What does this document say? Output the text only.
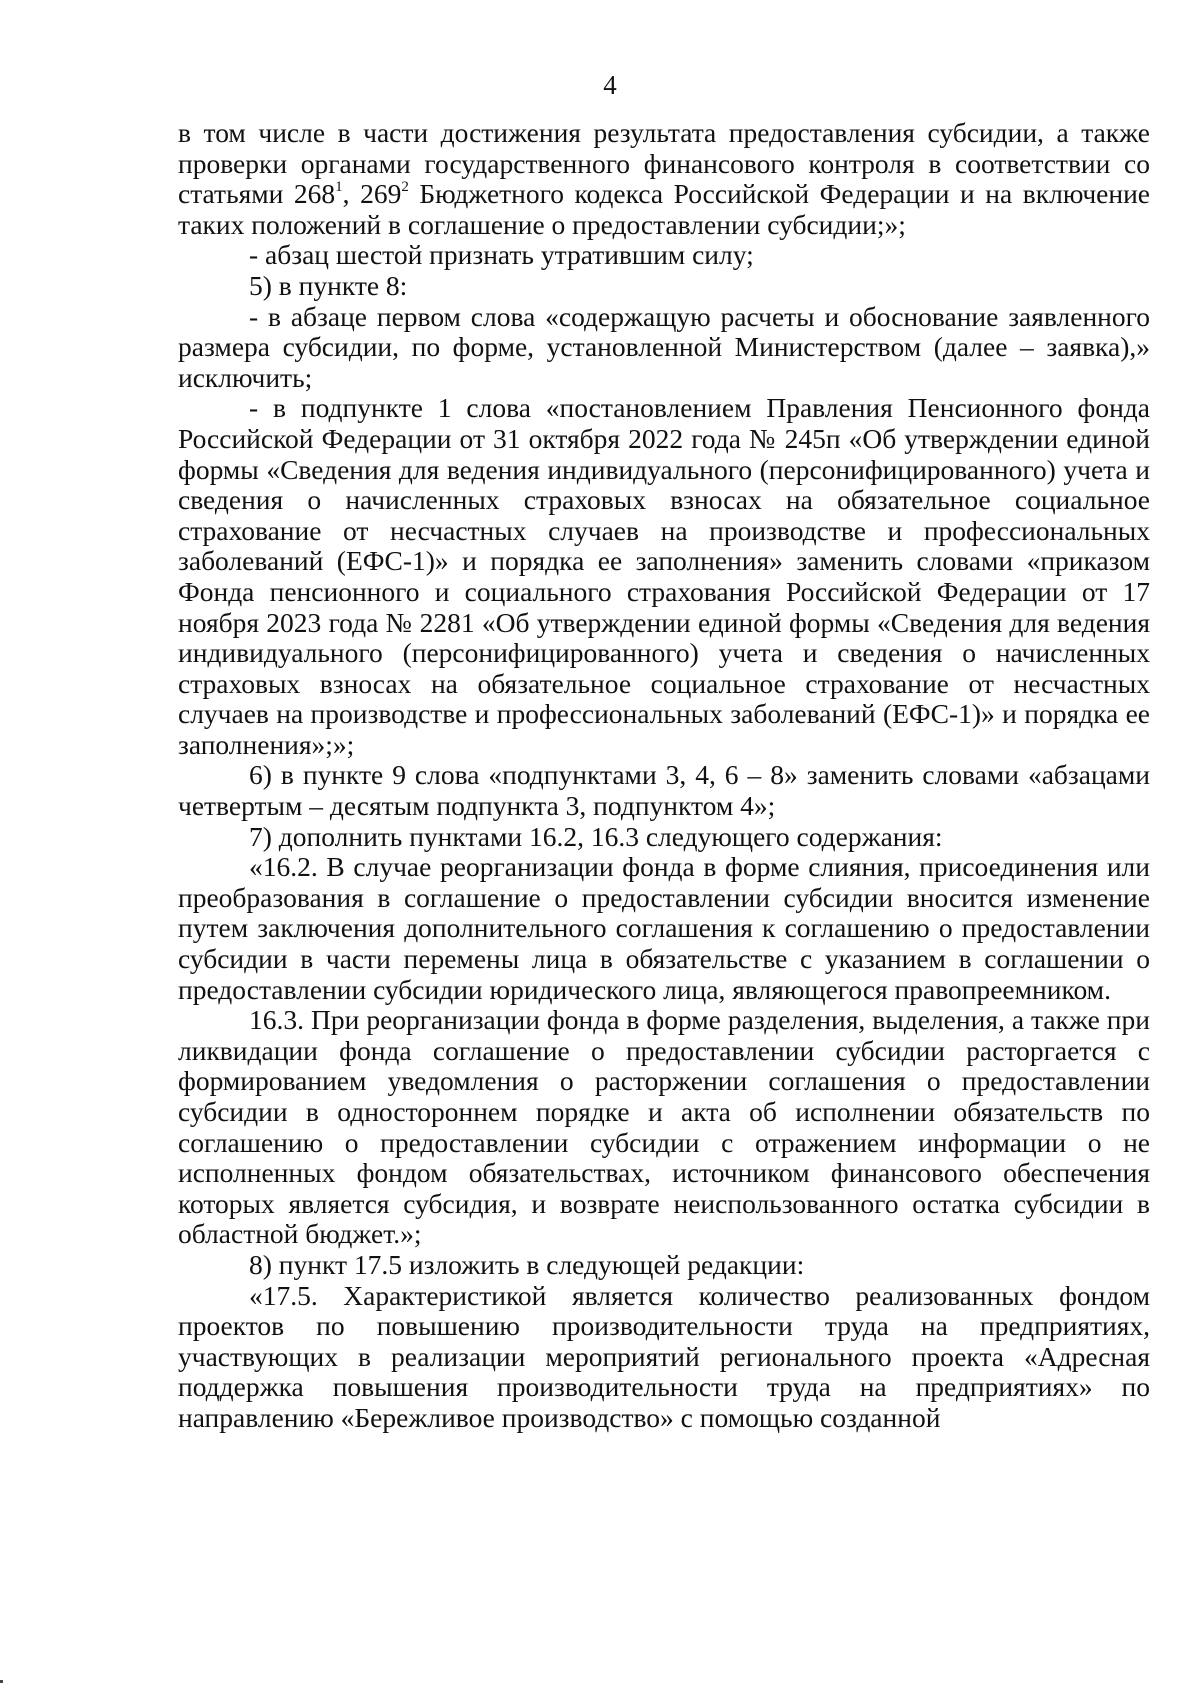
4

в том числе в части достижения результата предоставления субсидии, а также проверки органами государственного финансового контроля в соответствии со статьями $268^1$, $269^2$ Бюджетного кодекса Российской Федерации и на включение таких положений в соглашение о предоставлении субсидии;»;

- абзац шестой признать утратившим силу;

5) в пункте 8:

- в абзаце первом слова «содержащую расчеты и обоснование заявленного размера субсидии, по форме, установленной Министерством (далее – заявка),» исключить;

- в подпункте 1 слова «постановлением Правления Пенсионного фонда Российской Федерации от 31 октября 2022 года № 245п «Об утверждении единой формы «Сведения для ведения индивидуального (персонифицированного) учета и сведения о начисленных страховых взносах на обязательное социальное страхование от несчастных случаев на производстве и профессиональных заболеваний (ЕФС-1)» и порядка ее заполнения» заменить словами «приказом Фонда пенсионного и социального страхования Российской Федерации от 17 ноября 2023 года № 2281 «Об утверждении единой формы «Сведения для ведения индивидуального (персонифицированного) учета и сведения о начисленных страховых взносах на обязательное социальное страхование от несчастных случаев на производстве и профессиональных заболеваний (ЕФС-1)» и порядка ее заполнения»;»;

6) в пункте 9 слова «подпунктами 3, 4, 6 – 8» заменить словами «абзацами четвертым – десятым подпункта 3, подпунктом 4»;

7) дополнить пунктами 16.2, 16.3 следующего содержания:

«16.2. В случае реорганизации фонда в форме слияния, присоединения или преобразования в соглашение о предоставлении субсидии вносится изменение путем заключения дополнительного соглашения к соглашению о предоставлении субсидии в части перемены лица в обязательстве с указанием в соглашении о предоставлении субсидии юридического лица, являющегося правопреемником.

16.3. При реорганизации фонда в форме разделения, выделения, а также при ликвидации фонда соглашение о предоставлении субсидии расторгается с формированием уведомления о расторжении соглашения о предоставлении субсидии в одностороннем порядке и акта об исполнении обязательств по соглашению о предоставлении субсидии с отражением информации о не исполненных фондом обязательствах, источником финансового обеспечения которых является субсидия, и возврате неиспользованного остатка субсидии в областной бюджет.»;

8) пункт 17.5 изложить в следующей редакции:

«17.5. Характеристикой является количество реализованных фондом проектов по повышению производительности труда на предприятиях, участвующих в реализации мероприятий регионального проекта «Адресная поддержка повышения производительности труда на предприятиях» по направлению «Бережливое производство» с помощью созданной
